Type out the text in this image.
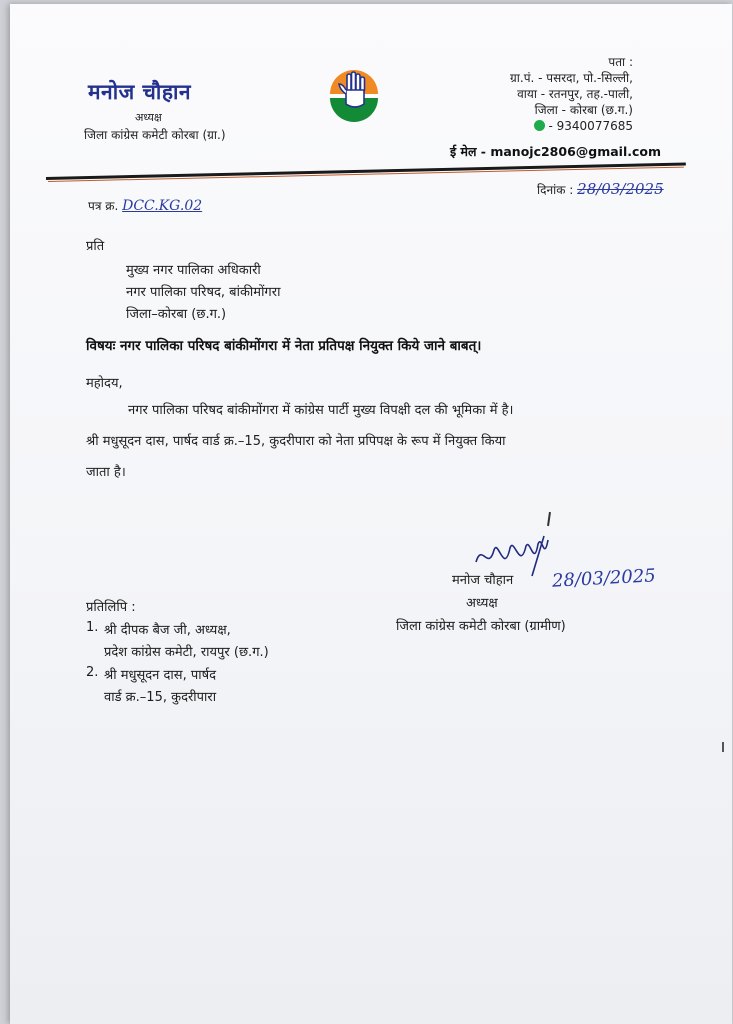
मनोज चौहान
अध्यक्ष
जिला कांग्रेस कमेटी कोरबा (ग्रा.)
पता :
ग्रा.पं. - पसरदा, पो.-सिल्ली,
वाया - रतनपुर, तह.-पाली,
जिला - कोरबा (छ.ग.)
- 9340077685
ई मेल - manojc2806@gmail.com
पत्र क्र. DCC.KG.02
दिनांक : 28/03/2025
प्रति
मुख्य नगर पालिका अधिकारी
नगर पालिका परिषद, बांकीमोंगरा
जिला–कोरबा (छ.ग.)
विषयः नगर पालिका परिषद बांकीमोंगरा में नेता प्रतिपक्ष नियुक्त किये जाने बाबत्।
महोदय,
नगर पालिका परिषद बांकीमोंगरा में कांग्रेस पार्टी मुख्य विपक्षी दल की भूमिका में है।
श्री मधुसूदन दास, पार्षद वार्ड क्र.–15, कुदरीपारा को नेता प्रपिपक्ष के रूप में नियुक्त किया
जाता है।
मनोज चौहान 28/03/2025
अध्यक्ष
जिला कांग्रेस कमेटी कोरबा (ग्रामीण)
प्रतिलिपि :
1. श्री दीपक बैज जी, अध्यक्ष,
प्रदेश कांग्रेस कमेटी, रायपुर (छ.ग.)
2. श्री मधुसूदन दास, पार्षद
वार्ड क्र.–15, कुदरीपारा
